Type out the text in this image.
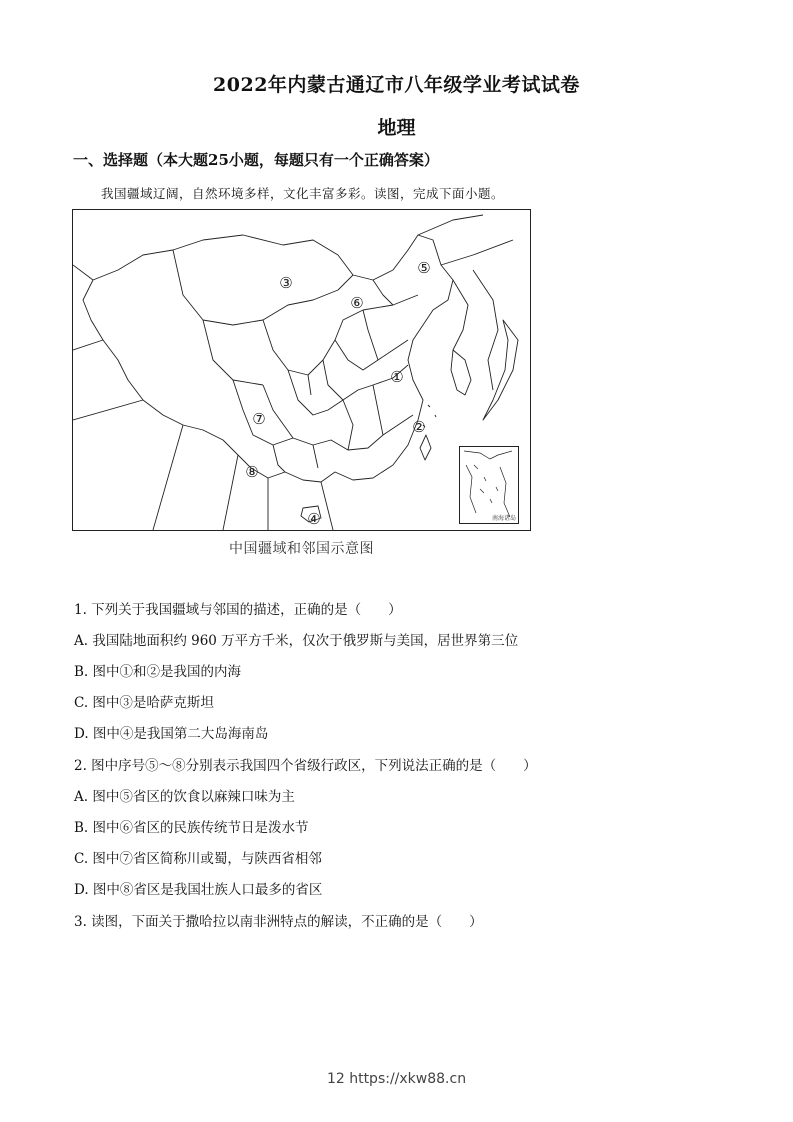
2022年内蒙古通辽市八年级学业考试试卷
地理
一、选择题（本大题25小题，每题只有一个正确答案）
我国疆域辽阔，自然环境多样，文化丰富多彩。读图，完成下面小题。
①
②
③
④
⑤
⑥
⑦
⑧
南海诸岛
中国疆域和邻国示意图
1. 下列关于我国疆域与邻国的描述，正确的是（　　）
A. 我国陆地面积约 960 万平方千米，仅次于俄罗斯与美国，居世界第三位
B. 图中①和②是我国的内海
C. 图中③是哈萨克斯坦
D. 图中④是我国第二大岛海南岛
2. 图中序号⑤～⑧分别表示我国四个省级行政区，下列说法正确的是（　　）
A. 图中⑤省区的饮食以麻辣口味为主
B. 图中⑥省区的民族传统节日是泼水节
C. 图中⑦省区简称川或蜀，与陕西省相邻
D. 图中⑧省区是我国壮族人口最多的省区
3. 读图，下面关于撒哈拉以南非洲特点的解读，不正确的是（　　）
12 https://xkw88.cn
